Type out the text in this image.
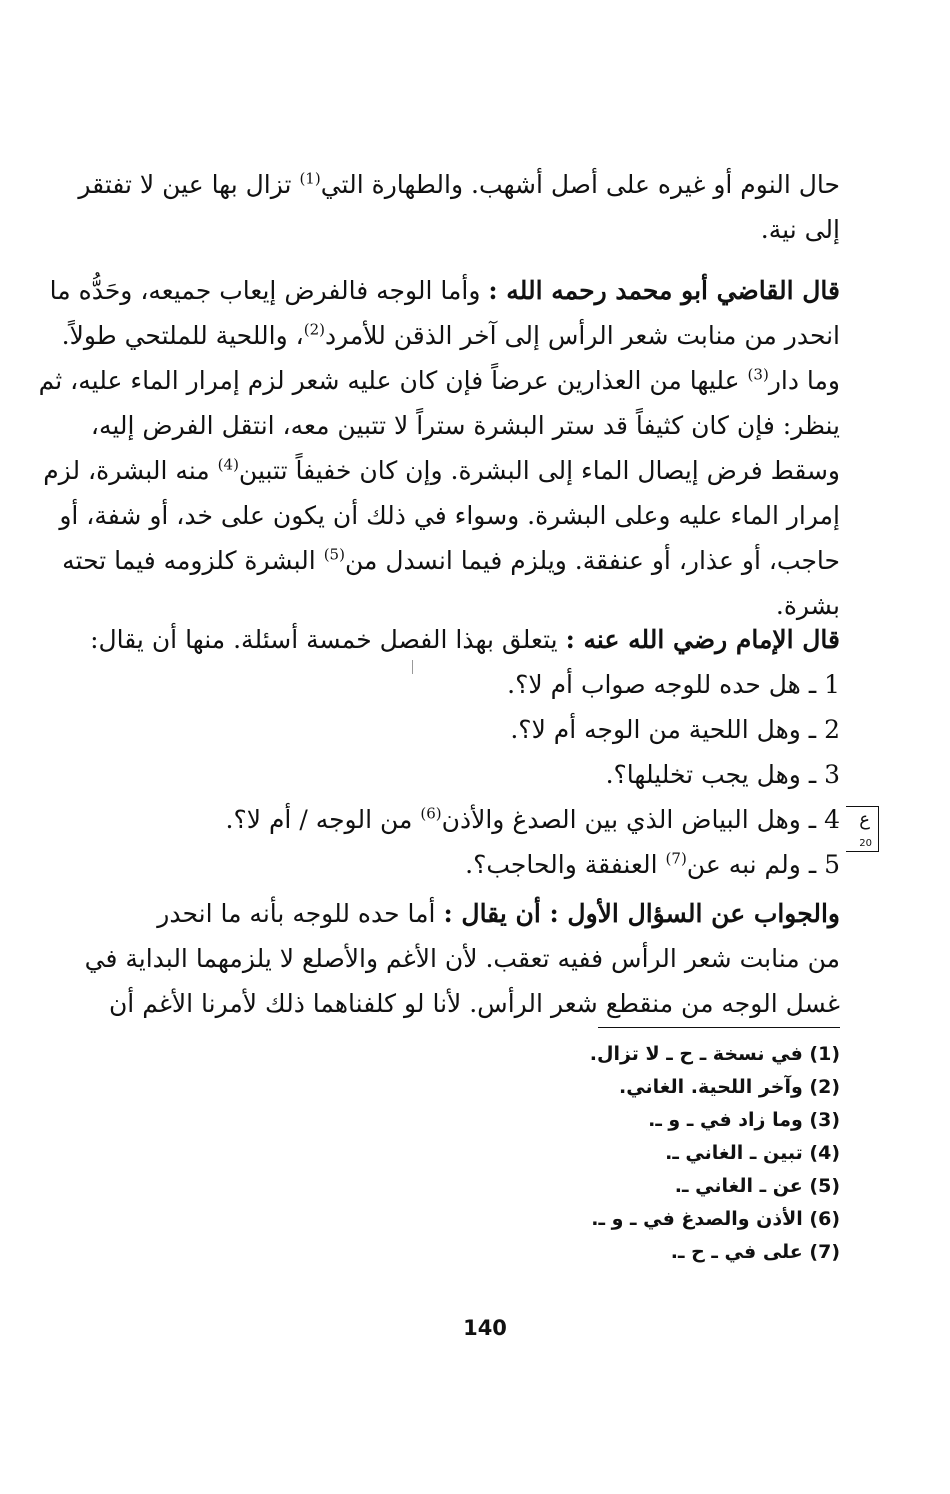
حال النوم أو غيره على أصل أشهب. والطهارة التي$^{(1)}$ تزال بها عين لا تفتقر
إلى نية.
قال القاضي أبو محمد رحمه الله : وأما الوجه فالفرض إيعاب جميعه، وحَدُّه ما
انحدر من منابت شعر الرأس إلى آخر الذقن للأمرد$^{(2)}$، واللحية للملتحي طولاً.
وما دار$^{(3)}$ عليها من العذارين عرضاً فإن كان عليه شعر لزم إمرار الماء عليه، ثم
ينظر: فإن كان كثيفاً قد ستر البشرة ستراً لا تتبين معه، انتقل الفرض إليه،
وسقط فرض إيصال الماء إلى البشرة. وإن كان خفيفاً تتبين$^{(4)}$ منه البشرة، لزم
إمرار الماء عليه وعلى البشرة. وسواء في ذلك أن يكون على خد، أو شفة، أو
حاجب، أو عذار، أو عنفقة. ويلزم فيما انسدل من$^{(5)}$ البشرة كلزومه فيما تحته
بشرة.
قال الإمام رضي الله عنه : يتعلق بهذا الفصل خمسة أسئلة. منها أن يقال:
1 ـ هل حده للوجه صواب أم لا؟.
2 ـ وهل اللحية من الوجه أم لا؟.
3 ـ وهل يجب تخليلها؟.
4 ـ وهل البياض الذي بين الصدغ والأذن$^{(6)}$ من الوجه / أم لا؟.
5 ـ ولم نبه عن$^{(7)}$ العنفقة والحاجب؟.
ع
20
والجواب عن السؤال الأول : أن يقال : أما حده للوجه بأنه ما انحدر
من منابت شعر الرأس ففيه تعقب. لأن الأغم والأصلع لا يلزمهما البداية في
غسل الوجه من منقطع شعر الرأس. لأنا لو كلفناهما ذلك لأمرنا الأغم أن
(1) في نسخة ـ ح ـ لا تزال.
(2) وآخر اللحية. الغاني.
(3) وما زاد في ـ و ـ.
(4) تبين ـ الغاني ـ.
(5) عن ـ الغاني ـ.
(6) الأذن والصدغ في ـ و ـ.
(7) على في ـ ح ـ.
140
